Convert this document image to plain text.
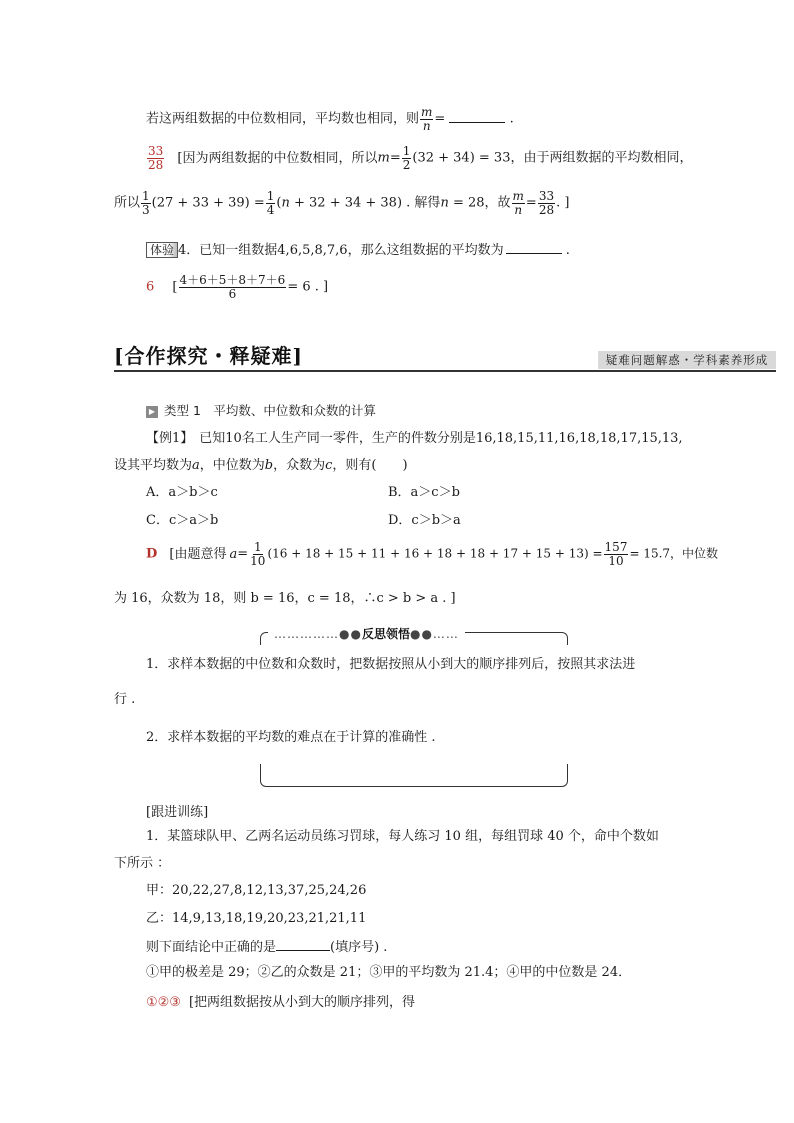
若这两组数据的中位数相同，平均数也相同，则 $\frac{m}{n}$ =	.
$\frac{33}{28}$ [因为两组数据的中位数相同，所以$m= \frac{1}{2} (32 + 34) = 33$，由于两组数据的平均数相同，
所以 $\frac{1}{3} (27 + 33 + 39) = \frac{1}{4} (n + 32 + 34 + 38)$ . 解得n = 28，故 $\frac{m}{n} = \frac{33}{28}$ . ]
体验 4．已知一组数据4,6,5,8,7,6，那么这组数据的平均数为	.
6 [ $\frac{4+6+5+8+7+6}{6} = 6$ . ]
[合作探究・释疑难]	疑难问题解惑・学科素养形成
▶ 类型 1　平均数、中位数和众数的计算
【例1】 已知10名工人生产同一零件，生产的件数分别是16,18,15,11,16,18,18,17,15,13,
设其平均数为a，中位数为b，众数为c，则有(　　)
A．a＞b＞c	B．a＞c＞b
C．c＞a＞b	D．c＞b＞a
D [由题意得 $a= \frac{1}{10} (16 + 18 + 15 + 11 + 16 + 18 + 18 + 17 + 15 + 13) = \frac{157}{10} = 15.7$，中位数
为 16，众数为 18，则 b = 16，c = 18，∴c > b > a . ]
……………●●反思领悟●●……
1．求样本数据的中位数和众数时，把数据按照从小到大的顺序排列后，按照其求法进
行 .
2．求样本数据的平均数的难点在于计算的准确性 .
[跟进训练]
1．某篮球队甲、乙两名运动员练习罚球，每人练习 10 组，每组罚球 40 个，命中个数如
下所示 ：
甲：20,22,27,8,12,13,37,25,24,26
乙：14,9,13,18,19,20,23,21,21,11
则下面结论中正确的是	(填序号) .
①甲的极差是 29；②乙的众数是 21；③甲的平均数为 21.4；④甲的中位数是 24．
①②③ [把两组数据按从小到大的顺序排列，得
